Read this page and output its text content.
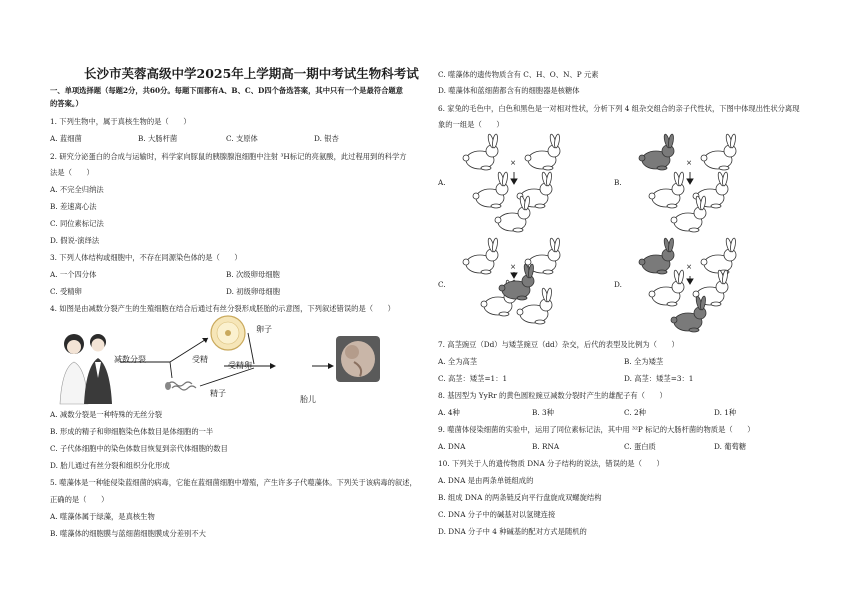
长沙市芙蓉高级中学2025年上学期高一期中考试生物科考试
一、单项选择题（每题2分，共60分。每题下面都有A、B、C、D四个备选答案，其中只有一个是最符合题意
的答案。）
1. 下列生物中，属于真核生物的是（　　）
A. 蓝细菌	B. 大肠杆菌	C. 支原体	D. 银杏
2. 研究分泌蛋白的合成与运输时，科学家向豚鼠的胰腺腺泡细胞中注射 ³H标记的亮氨酸，此过程用到的科学方
法是（　　）
A. 不完全归纳法
B. 差速离心法
C. 同位素标记法
D. 假说-演绎法
3. 下列人体结构或细胞中，不存在同源染色体的是（　　）
A. 一个四分体	B. 次级卵母细胞
C. 受精卵	D. 初级卵母细胞
4. 如图是由减数分裂产生的生殖细胞在结合后通过有丝分裂形成胚胎的示意图，下列叙述错误的是（　　）
减数分裂
卵子
受精
受精卵
精子
胎儿
A. 减数分裂是一种特殊的无丝分裂
B. 形成的精子和卵细胞染色体数目是体细胞的一半
C. 子代体细胞中的染色体数目恢复到亲代体细胞的数目
D. 胎儿通过有丝分裂和组织分化形成
5. 噬藻体是一种能侵染蓝细菌的病毒，它能在蓝细菌细胞中增殖，产生许多子代噬藻体。下列关于该病毒的叙述，
正确的是（　　）
A. 噬藻体属于绿藻，是真核生物
B. 噬藻体的细胞膜与蓝细菌细胞膜成分差别不大
C. 噬藻体的遗传物质含有 C、H、O、N、P 元素
D. 噬藻体和蓝细菌都含有的细胞器是核糖体
6. 家兔的毛色中，白色和黑色是一对相对性状，分析下列 4 组杂交组合的亲子代性状，下图中体现出性状分离现
象的一组是（　　）
×	×
×	×
A.	B.
C.	D.
7. 高茎豌豆（Dd）与矮茎豌豆（dd）杂交，后代的表型及比例为（　　）
A. 全为高茎	B. 全为矮茎
C. 高茎：矮茎=1：1	D. 高茎：矮茎=3：1
8. 基因型为 YyRr 的黄色圆粒豌豆减数分裂时产生的雄配子有（　　）
A. 4种	B. 3种	C. 2种	D. 1种
9. 噬菌体侵染细菌的实验中，运用了同位素标记法，其中用 ³²P 标记的大肠杆菌的物质是（　　）
A. DNA	B. RNA	C. 蛋白质	D. 葡萄糖
10. 下列关于人的遗传物质 DNA 分子结构的说法，错误的是（　　）
A. DNA 是由两条单链组成的
B. 组成 DNA 的两条链反向平行盘旋成双螺旋结构
C. DNA 分子中的碱基对以氢键连接
D. DNA 分子中 4 种碱基的配对方式是随机的
